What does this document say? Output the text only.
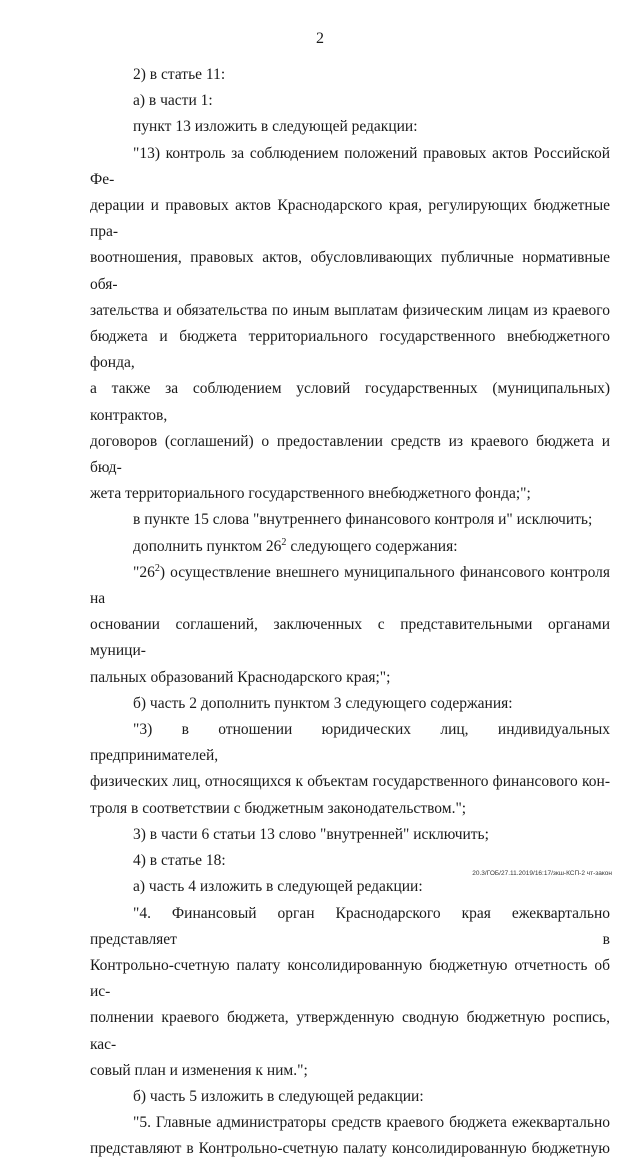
2

2) в статье 11:

а) в части 1:

пункт 13 изложить в следующей редакции:

"13) контроль за соблюдением положений правовых актов Российской Фе-
дерации и правовых актов Краснодарского края, регулирующих бюджетные пра-
воотношения, правовых актов, обусловливающих публичные нормативные обя-
зательства и обязательства по иным выплатам физическим лицам из краевого
бюджета и бюджета территориального государственного внебюджетного фонда,
а также за соблюдением условий государственных (муниципальных) контрактов,
договоров (соглашений) о предоставлении средств из краевого бюджета и бюд-
жета территориального государственного внебюджетного фонда;";

в пункте 15 слова "внутреннего финансового контроля и" исключить;

дополнить пунктом $26^2$ следующего содержания:

"$26^2$) осуществление внешнего муниципального финансового контроля на
основании соглашений, заключенных с представительными органами муници-
пальных образований Краснодарского края;";

б) часть 2 дополнить пунктом 3 следующего содержания:

"3) в отношении юридических лиц, индивидуальных предпринимателей,
физических лиц, относящихся к объектам государственного финансового кон-
троля в соответствии с бюджетным законодательством.";

3) в части 6 статьи 13 слово "внутренней" исключить;

4) в статье 18:

а) часть 4 изложить в следующей редакции:

"4. Финансовый орган Краснодарского края ежеквартально представляет в
Контрольно-счетную палату консолидированную бюджетную отчетность об ис-
полнении краевого бюджета, утвержденную сводную бюджетную роспись, кас-
совый план и изменения к ним.";

б) часть 5 изложить в следующей редакции:

"5. Главные администраторы средств краевого бюджета ежеквартально
представляют в Контрольно-счетную палату консолидированную бюджетную
20.3/ГОБ/27.11.2019/16:17/зкш-КСП-2 чт-закон
